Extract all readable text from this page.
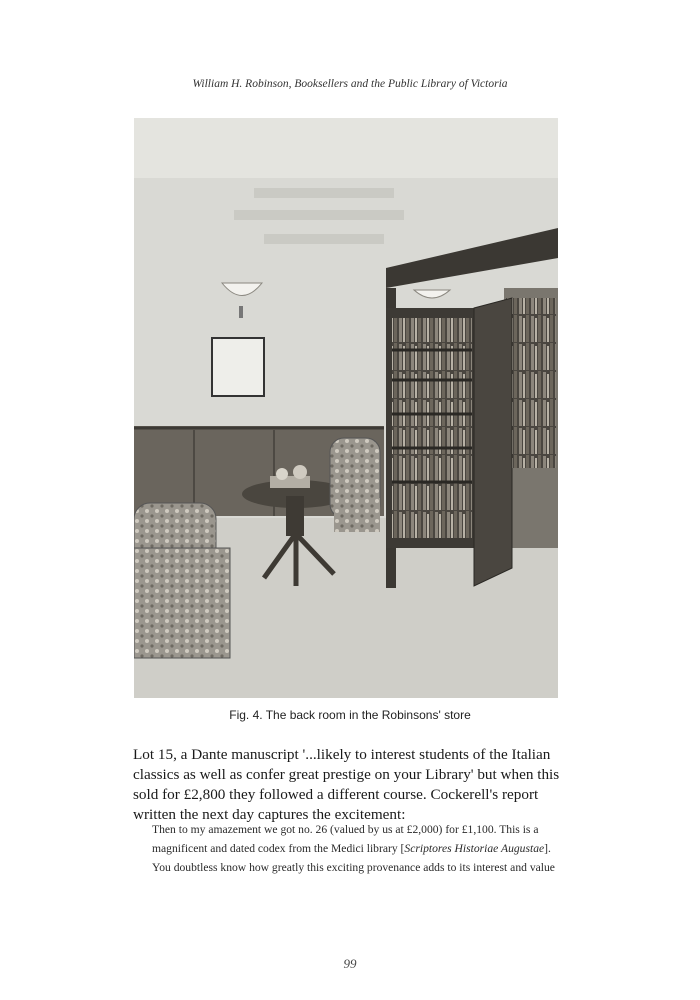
William H. Robinson, Booksellers and the Public Library of Victoria
Fig. 4. The back room in the Robinsons' store

Lot 15, a Dante manuscript '...likely to interest students of the Italian classics as well as confer great prestige on your Library' but when this sold for £2,800 they followed a different course. Cockerell's report written the next day captures the excitement:

Then to my amazement we got no. 26 (valued by us at £2,000) for £1,100. This is a magnificent and dated codex from the Medici library [Scriptores Historiae Augustae]. You doubtless know how greatly this exciting provenance adds to its interest and value

99
